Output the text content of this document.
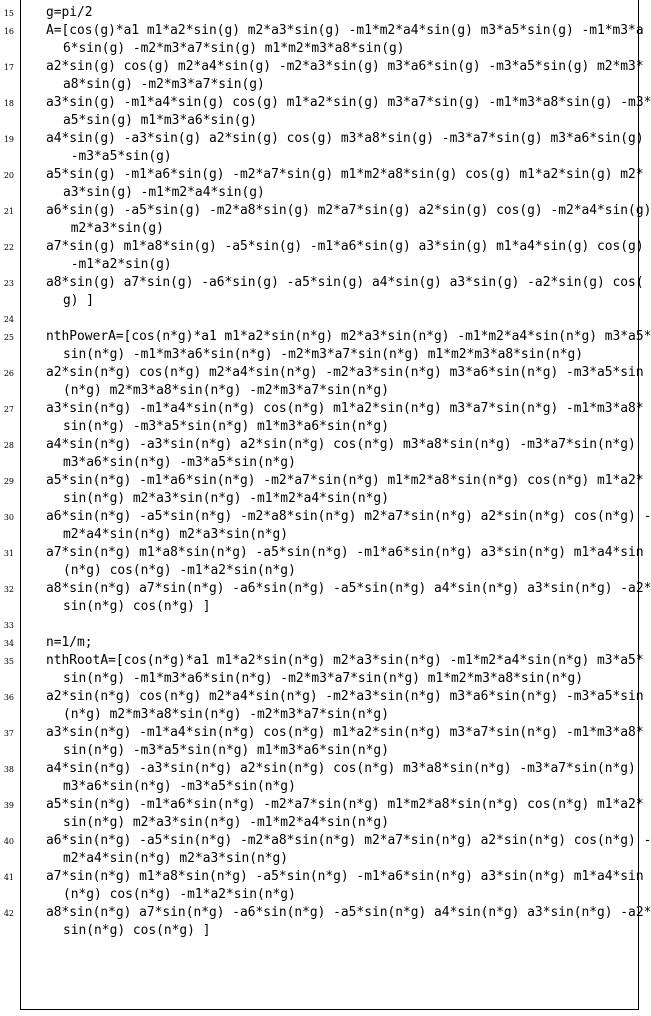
15
16
17
18
19
20
21
22
23
24
25
26
27
28
29
30
31
32
33
34
35
36
37
38
39
40
41
42
g=pi/2
A=[cos(g)*a1 m1*a2*sin(g) m2*a3*sin(g) -m1*m2*a4*sin(g) m3*a5*sin(g) -m1*m3*a
6*sin(g) -m2*m3*a7*sin(g) m1*m2*m3*a8*sin(g)
a2*sin(g) cos(g) m2*a4*sin(g) -m2*a3*sin(g) m3*a6*sin(g) -m3*a5*sin(g) m2*m3*
a8*sin(g) -m2*m3*a7*sin(g)
a3*sin(g) -m1*a4*sin(g) cos(g) m1*a2*sin(g) m3*a7*sin(g) -m1*m3*a8*sin(g) -m3*
a5*sin(g) m1*m3*a6*sin(g)
a4*sin(g) -a3*sin(g) a2*sin(g) cos(g) m3*a8*sin(g) -m3*a7*sin(g) m3*a6*sin(g)
-m3*a5*sin(g)
a5*sin(g) -m1*a6*sin(g) -m2*a7*sin(g) m1*m2*a8*sin(g) cos(g) m1*a2*sin(g) m2*
a3*sin(g) -m1*m2*a4*sin(g)
a6*sin(g) -a5*sin(g) -m2*a8*sin(g) m2*a7*sin(g) a2*sin(g) cos(g) -m2*a4*sin(g)
m2*a3*sin(g)
a7*sin(g) m1*a8*sin(g) -a5*sin(g) -m1*a6*sin(g) a3*sin(g) m1*a4*sin(g) cos(g)
-m1*a2*sin(g)
a8*sin(g) a7*sin(g) -a6*sin(g) -a5*sin(g) a4*sin(g) a3*sin(g) -a2*sin(g) cos(
g) ]
nthPowerA=[cos(n*g)*a1 m1*a2*sin(n*g) m2*a3*sin(n*g) -m1*m2*a4*sin(n*g) m3*a5*
sin(n*g) -m1*m3*a6*sin(n*g) -m2*m3*a7*sin(n*g) m1*m2*m3*a8*sin(n*g)
a2*sin(n*g) cos(n*g) m2*a4*sin(n*g) -m2*a3*sin(n*g) m3*a6*sin(n*g) -m3*a5*sin
(n*g) m2*m3*a8*sin(n*g) -m2*m3*a7*sin(n*g)
a3*sin(n*g) -m1*a4*sin(n*g) cos(n*g) m1*a2*sin(n*g) m3*a7*sin(n*g) -m1*m3*a8*
sin(n*g) -m3*a5*sin(n*g) m1*m3*a6*sin(n*g)
a4*sin(n*g) -a3*sin(n*g) a2*sin(n*g) cos(n*g) m3*a8*sin(n*g) -m3*a7*sin(n*g)
m3*a6*sin(n*g) -m3*a5*sin(n*g)
a5*sin(n*g) -m1*a6*sin(n*g) -m2*a7*sin(n*g) m1*m2*a8*sin(n*g) cos(n*g) m1*a2*
sin(n*g) m2*a3*sin(n*g) -m1*m2*a4*sin(n*g)
a6*sin(n*g) -a5*sin(n*g) -m2*a8*sin(n*g) m2*a7*sin(n*g) a2*sin(n*g) cos(n*g) -
m2*a4*sin(n*g) m2*a3*sin(n*g)
a7*sin(n*g) m1*a8*sin(n*g) -a5*sin(n*g) -m1*a6*sin(n*g) a3*sin(n*g) m1*a4*sin
(n*g) cos(n*g) -m1*a2*sin(n*g)
a8*sin(n*g) a7*sin(n*g) -a6*sin(n*g) -a5*sin(n*g) a4*sin(n*g) a3*sin(n*g) -a2*
sin(n*g) cos(n*g) ]
n=1/m;
nthRootA=[cos(n*g)*a1 m1*a2*sin(n*g) m2*a3*sin(n*g) -m1*m2*a4*sin(n*g) m3*a5*
sin(n*g) -m1*m3*a6*sin(n*g) -m2*m3*a7*sin(n*g) m1*m2*m3*a8*sin(n*g)
a2*sin(n*g) cos(n*g) m2*a4*sin(n*g) -m2*a3*sin(n*g) m3*a6*sin(n*g) -m3*a5*sin
(n*g) m2*m3*a8*sin(n*g) -m2*m3*a7*sin(n*g)
a3*sin(n*g) -m1*a4*sin(n*g) cos(n*g) m1*a2*sin(n*g) m3*a7*sin(n*g) -m1*m3*a8*
sin(n*g) -m3*a5*sin(n*g) m1*m3*a6*sin(n*g)
a4*sin(n*g) -a3*sin(n*g) a2*sin(n*g) cos(n*g) m3*a8*sin(n*g) -m3*a7*sin(n*g)
m3*a6*sin(n*g) -m3*a5*sin(n*g)
a5*sin(n*g) -m1*a6*sin(n*g) -m2*a7*sin(n*g) m1*m2*a8*sin(n*g) cos(n*g) m1*a2*
sin(n*g) m2*a3*sin(n*g) -m1*m2*a4*sin(n*g)
a6*sin(n*g) -a5*sin(n*g) -m2*a8*sin(n*g) m2*a7*sin(n*g) a2*sin(n*g) cos(n*g) -
m2*a4*sin(n*g) m2*a3*sin(n*g)
a7*sin(n*g) m1*a8*sin(n*g) -a5*sin(n*g) -m1*a6*sin(n*g) a3*sin(n*g) m1*a4*sin
(n*g) cos(n*g) -m1*a2*sin(n*g)
a8*sin(n*g) a7*sin(n*g) -a6*sin(n*g) -a5*sin(n*g) a4*sin(n*g) a3*sin(n*g) -a2*
sin(n*g) cos(n*g) ]
